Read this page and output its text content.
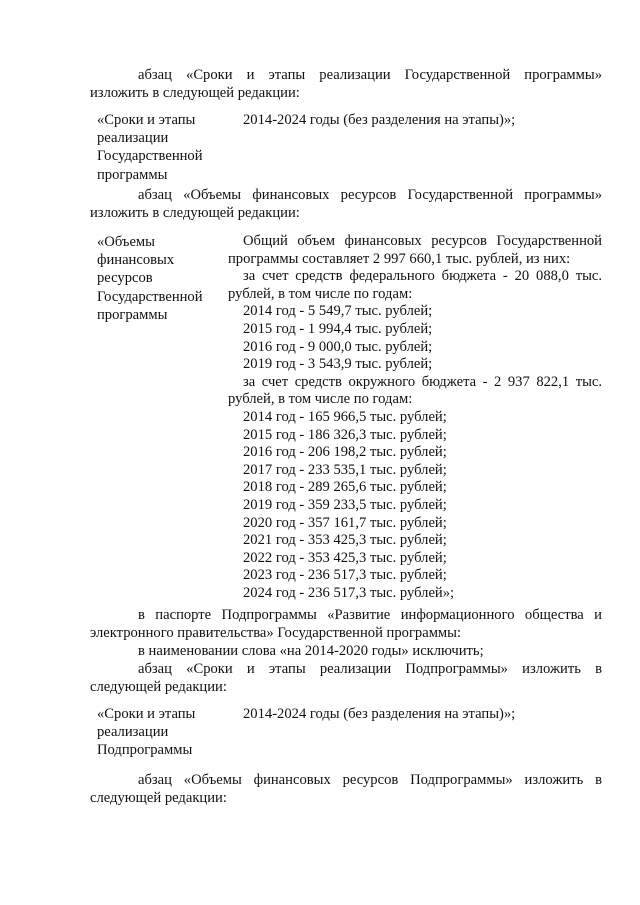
абзац «Сроки и этапы реализации Государственной программы»
изложить в следующей редакции:
«Сроки и этапы
реализации
Государственной
программы
2014-2024 годы (без разделения на этапы)»;
абзац «Объемы финансовых ресурсов Государственной программы»
изложить в следующей редакции:
«Объемы
финансовых
ресурсов
Государственной
программы
Общий объем финансовых ресурсов Государственной
программы составляет 2 997 660,1 тыс. рублей, из них:
за счет средств федерального бюджета - 20 088,0 тыс.
рублей, в том числе по годам:
2014 год - 5 549,7 тыс. рублей;
2015 год - 1 994,4 тыс. рублей;
2016 год - 9 000,0 тыс. рублей;
2019 год - 3 543,9 тыс. рублей;
за счет средств окружного бюджета - 2 937 822,1 тыс.
рублей, в том числе по годам:
2014 год - 165 966,5 тыс. рублей;
2015 год - 186 326,3 тыс. рублей;
2016 год - 206 198,2 тыс. рублей;
2017 год - 233 535,1 тыс. рублей;
2018 год - 289 265,6 тыс. рублей;
2019 год - 359 233,5 тыс. рублей;
2020 год - 357 161,7 тыс. рублей;
2021 год - 353 425,3 тыс. рублей;
2022 год - 353 425,3 тыс. рублей;
2023 год - 236 517,3 тыс. рублей;
2024 год - 236 517,3 тыс. рублей»;
в паспорте Подпрограммы «Развитие информационного общества и
электронного правительства» Государственной программы:
в наименовании слова «на 2014-2020 годы» исключить;
абзац «Сроки и этапы реализации Подпрограммы» изложить в
следующей редакции:
«Сроки и этапы
реализации
Подпрограммы
2014-2024 годы (без разделения на этапы)»;
абзац «Объемы финансовых ресурсов Подпрограммы» изложить в
следующей редакции:
